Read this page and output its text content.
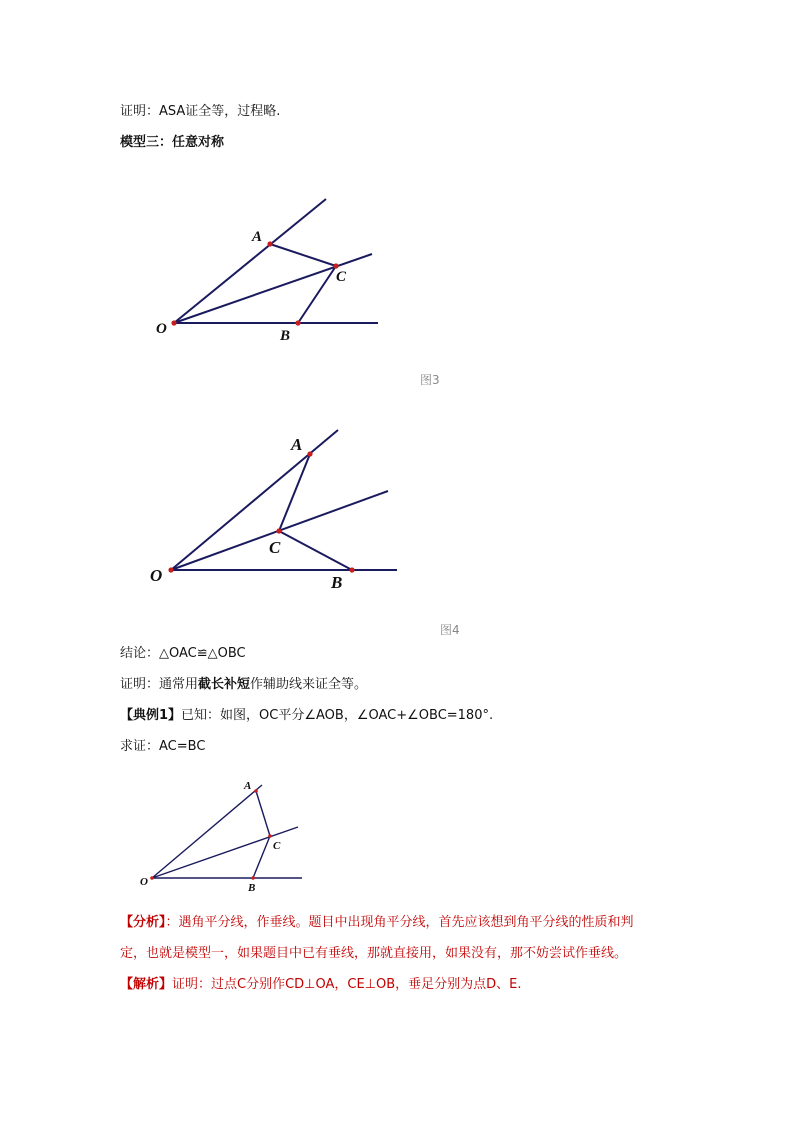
证明：ASA证全等，过程略.
模型三：任意对称
O
A
C
B
O
A
C
B
O
A
C
B
图3
图4
结论：△OAC≌△OBC
证明：通常用截长补短作辅助线来证全等。
【典例1】已知：如图，OC平分∠AOB，∠OAC+∠OBC=180°.
求证：AC=BC
【分析】：遇角平分线，作垂线。题目中出现角平分线，首先应该想到角平分线的性质和判
定，也就是模型一，如果题目中已有垂线，那就直接用，如果没有，那不妨尝试作垂线。
【解析】证明：过点C分别作CD⊥OA，CE⊥OB，垂足分别为点D、E.
